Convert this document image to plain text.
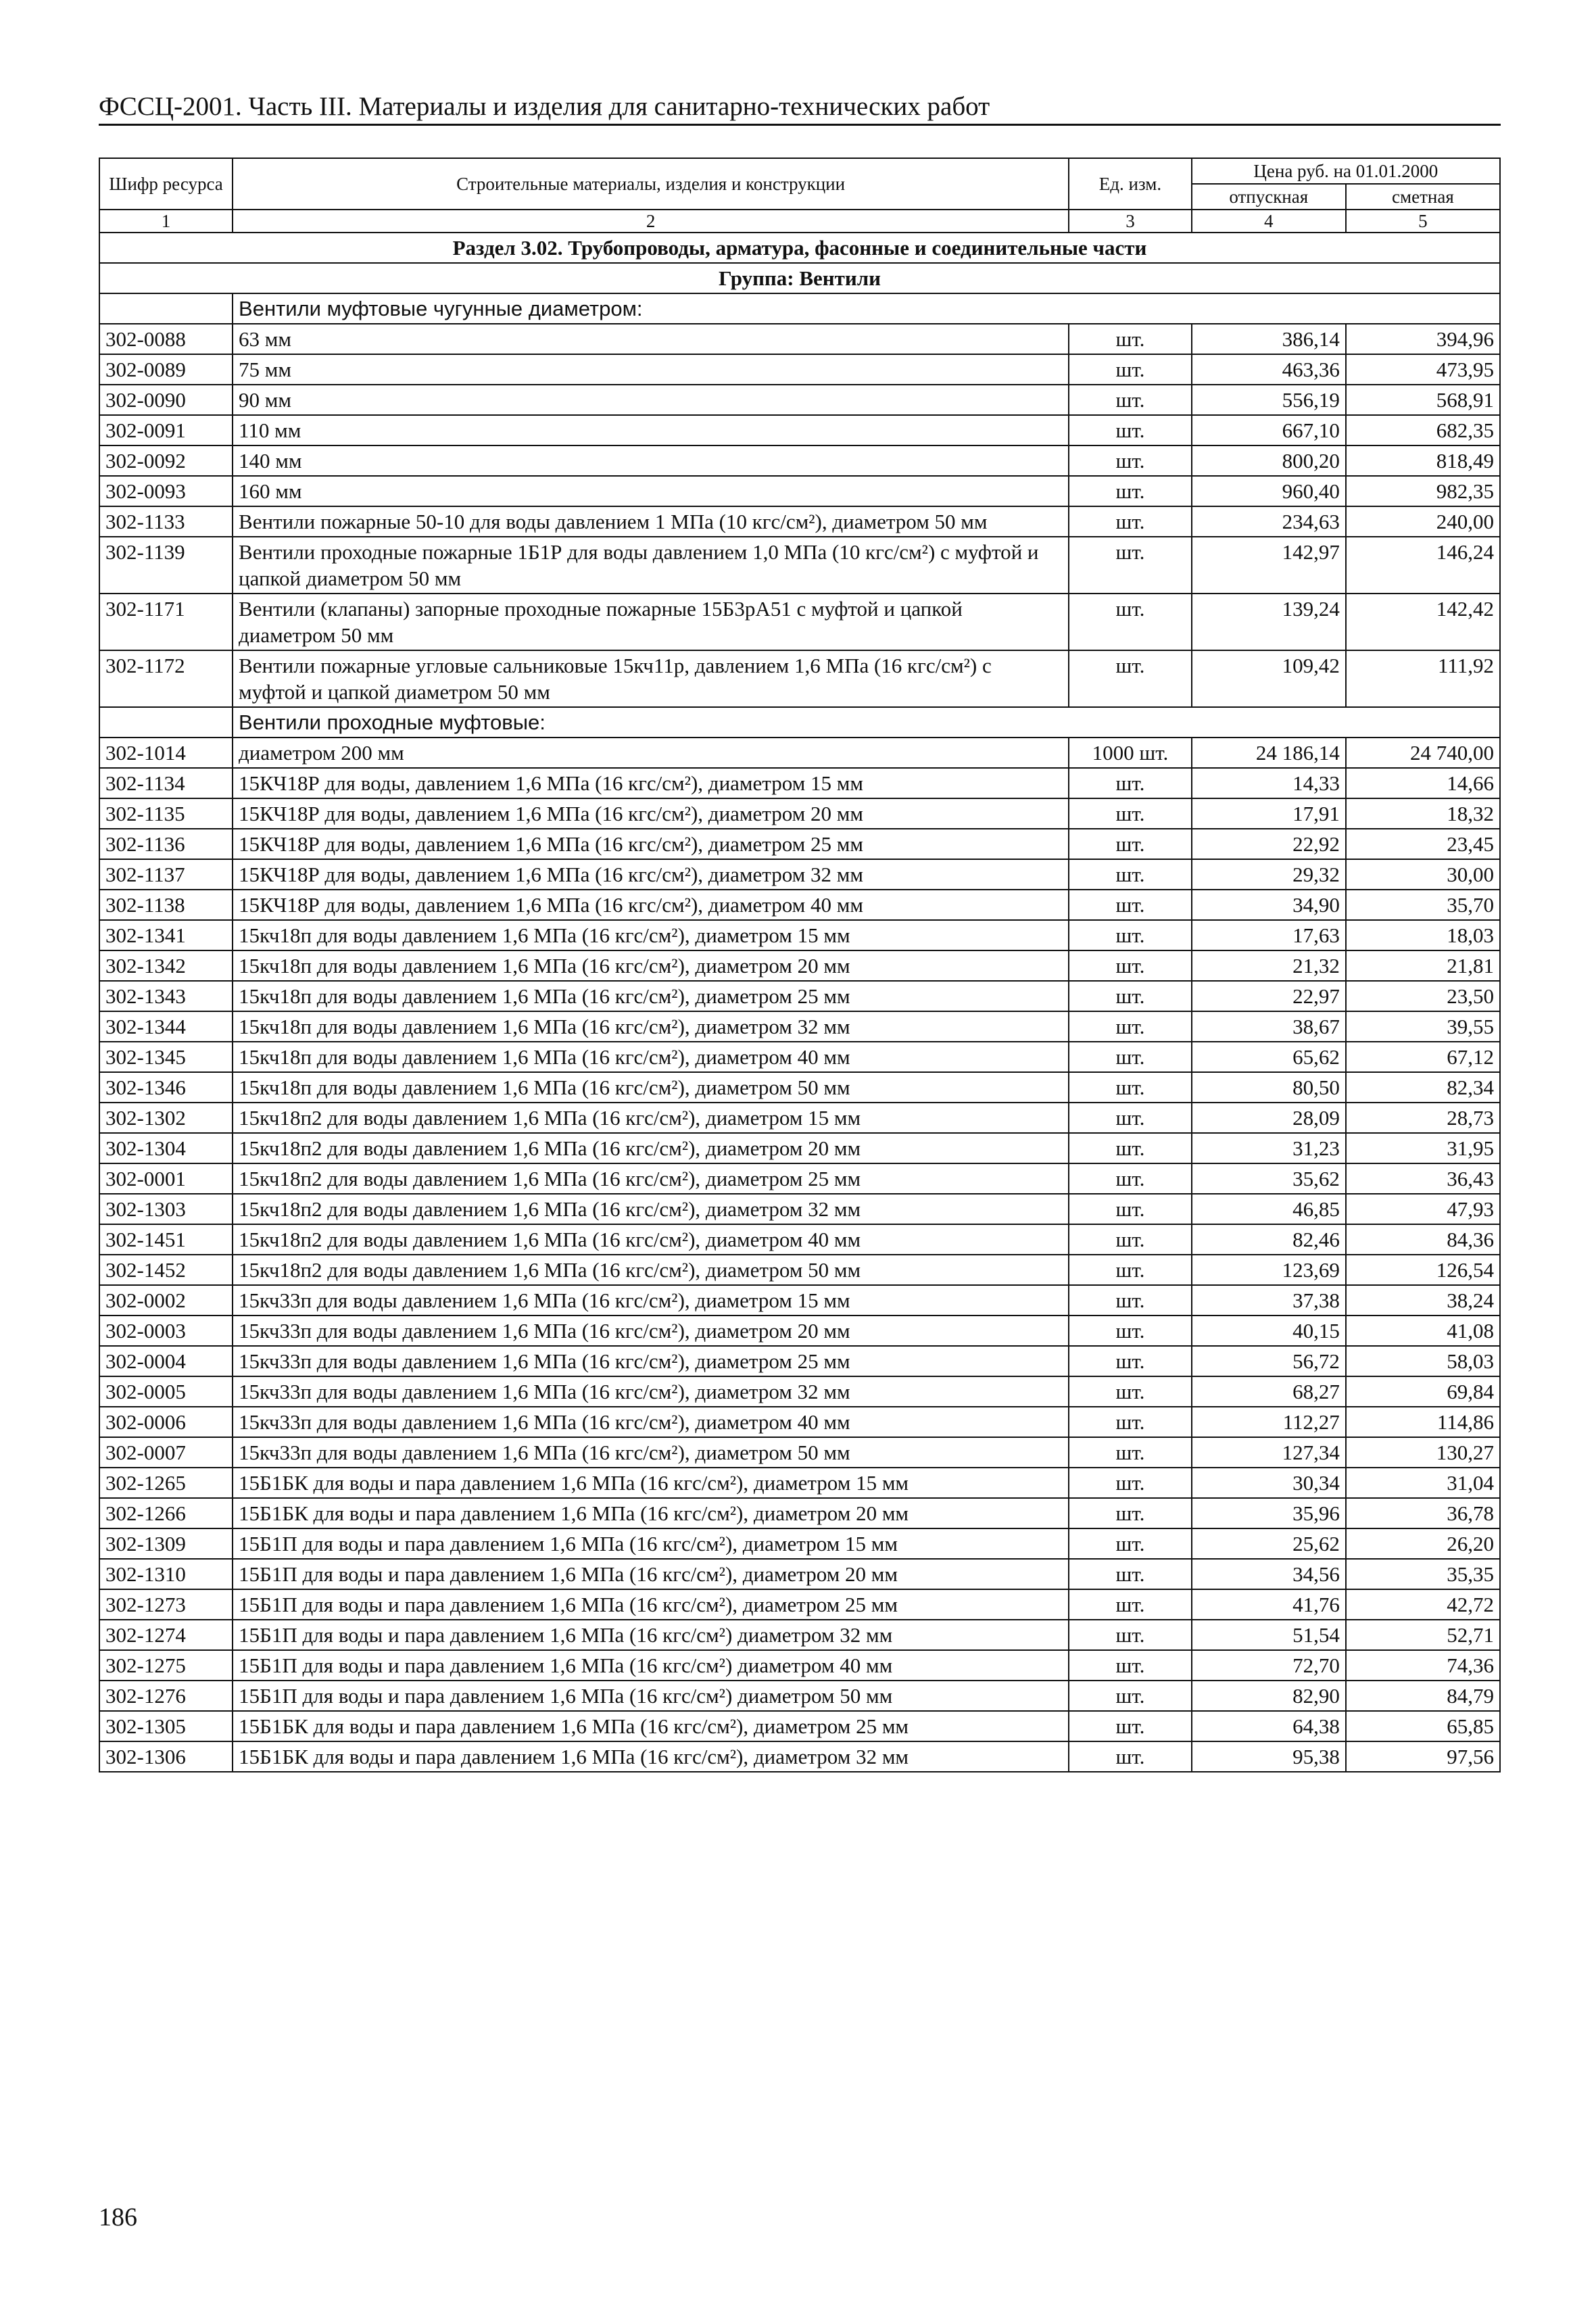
ФССЦ-2001. Часть III. Материалы и изделия для санитарно-технических работ
Шифр ресурса	Строительные материалы, изделия и конструкции	Ед. изм.	Цена руб. на 01.01.2000	
			отпускная	сметная
1	2	3	4	5
Раздел 3.02. Трубопроводы, арматура, фасонные и соединительные части				
Группа: Вентили				
	Вентили муфтовые чугунные диаметром:			
302-0088	63 мм	шт.	386,14	394,96
302-0089	75 мм	шт.	463,36	473,95
302-0090	90 мм	шт.	556,19	568,91
302-0091	110 мм	шт.	667,10	682,35
302-0092	140 мм	шт.	800,20	818,49
302-0093	160 мм	шт.	960,40	982,35
302-1133	Вентили пожарные 50-10 для воды давлением 1 МПа (10 кгс/см²), диаметром 50 мм	шт.	234,63	240,00
302-1139	Вентили проходные пожарные 1Б1Р для воды давлением 1,0 МПа (10 кгс/см²) с муфтой и цапкой диаметром 50 мм	шт.	142,97	146,24
302-1171	Вентили (клапаны) запорные проходные пожарные 15Б3рА51 с муфтой и цапкой диаметром 50 мм	шт.	139,24	142,42
302-1172	Вентили пожарные угловые сальниковые 15кч11р, давлением 1,6 МПа (16 кгс/см²) с муфтой и цапкой диаметром 50 мм	шт.	109,42	111,92
	Вентили проходные муфтовые:			
302-1014	диаметром 200 мм	1000 шт.	24 186,14	24 740,00
302-1134	15КЧ18Р для воды, давлением 1,6 МПа (16 кгс/см²), диаметром 15 мм	шт.	14,33	14,66
302-1135	15КЧ18Р для воды, давлением 1,6 МПа (16 кгс/см²), диаметром 20 мм	шт.	17,91	18,32
302-1136	15КЧ18Р для воды, давлением 1,6 МПа (16 кгс/см²), диаметром 25 мм	шт.	22,92	23,45
302-1137	15КЧ18Р для воды, давлением 1,6 МПа (16 кгс/см²), диаметром 32 мм	шт.	29,32	30,00
302-1138	15КЧ18Р для воды, давлением 1,6 МПа (16 кгс/см²), диаметром 40 мм	шт.	34,90	35,70
302-1341	15кч18п для воды давлением 1,6 МПа (16 кгс/см²), диаметром 15 мм	шт.	17,63	18,03
302-1342	15кч18п для воды давлением 1,6 МПа (16 кгс/см²), диаметром 20 мм	шт.	21,32	21,81
302-1343	15кч18п для воды давлением 1,6 МПа (16 кгс/см²), диаметром 25 мм	шт.	22,97	23,50
302-1344	15кч18п для воды давлением 1,6 МПа (16 кгс/см²), диаметром 32 мм	шт.	38,67	39,55
302-1345	15кч18п для воды давлением 1,6 МПа (16 кгс/см²), диаметром 40 мм	шт.	65,62	67,12
302-1346	15кч18п для воды давлением 1,6 МПа (16 кгс/см²), диаметром 50 мм	шт.	80,50	82,34
302-1302	15кч18п2 для воды давлением 1,6 МПа (16 кгс/см²), диаметром 15 мм	шт.	28,09	28,73
302-1304	15кч18п2 для воды давлением 1,6 МПа (16 кгс/см²), диаметром 20 мм	шт.	31,23	31,95
302-0001	15кч18п2 для воды давлением 1,6 МПа (16 кгс/см²), диаметром 25 мм	шт.	35,62	36,43
302-1303	15кч18п2 для воды давлением 1,6 МПа (16 кгс/см²), диаметром 32 мм	шт.	46,85	47,93
302-1451	15кч18п2 для воды давлением 1,6 МПа (16 кгс/см²), диаметром 40 мм	шт.	82,46	84,36
302-1452	15кч18п2 для воды давлением 1,6 МПа (16 кгс/см²), диаметром 50 мм	шт.	123,69	126,54
302-0002	15кч33п для воды давлением 1,6 МПа (16 кгс/см²), диаметром 15 мм	шт.	37,38	38,24
302-0003	15кч33п для воды давлением 1,6 МПа (16 кгс/см²), диаметром 20 мм	шт.	40,15	41,08
302-0004	15кч33п для воды давлением 1,6 МПа (16 кгс/см²), диаметром 25 мм	шт.	56,72	58,03
302-0005	15кч33п для воды давлением 1,6 МПа (16 кгс/см²), диаметром 32 мм	шт.	68,27	69,84
302-0006	15кч33п для воды давлением 1,6 МПа (16 кгс/см²), диаметром 40 мм	шт.	112,27	114,86
302-0007	15кч33п для воды давлением 1,6 МПа (16 кгс/см²), диаметром 50 мм	шт.	127,34	130,27
302-1265	15Б1БК для воды и пара давлением 1,6 МПа (16 кгс/см²), диаметром 15 мм	шт.	30,34	31,04
302-1266	15Б1БК для воды и пара давлением 1,6 МПа (16 кгс/см²), диаметром 20 мм	шт.	35,96	36,78
302-1309	15Б1П для воды и пара давлением 1,6 МПа (16 кгс/см²), диаметром 15 мм	шт.	25,62	26,20
302-1310	15Б1П для воды и пара давлением 1,6 МПа (16 кгс/см²), диаметром 20 мм	шт.	34,56	35,35
302-1273	15Б1П для воды и пара давлением 1,6 МПа (16 кгс/см²), диаметром 25 мм	шт.	41,76	42,72
302-1274	15Б1П для воды и пара давлением 1,6 МПа (16 кгс/см²) диаметром 32 мм	шт.	51,54	52,71
302-1275	15Б1П для воды и пара давлением 1,6 МПа (16 кгс/см²) диаметром 40 мм	шт.	72,70	74,36
302-1276	15Б1П для воды и пара давлением 1,6 МПа (16 кгс/см²) диаметром 50 мм	шт.	82,90	84,79
302-1305	15Б1БК для воды и пара давлением 1,6 МПа (16 кгс/см²), диаметром 25 мм	шт.	64,38	65,85
302-1306	15Б1БК для воды и пара давлением 1,6 МПа (16 кгс/см²), диаметром 32 мм	шт.	95,38	97,56
186
